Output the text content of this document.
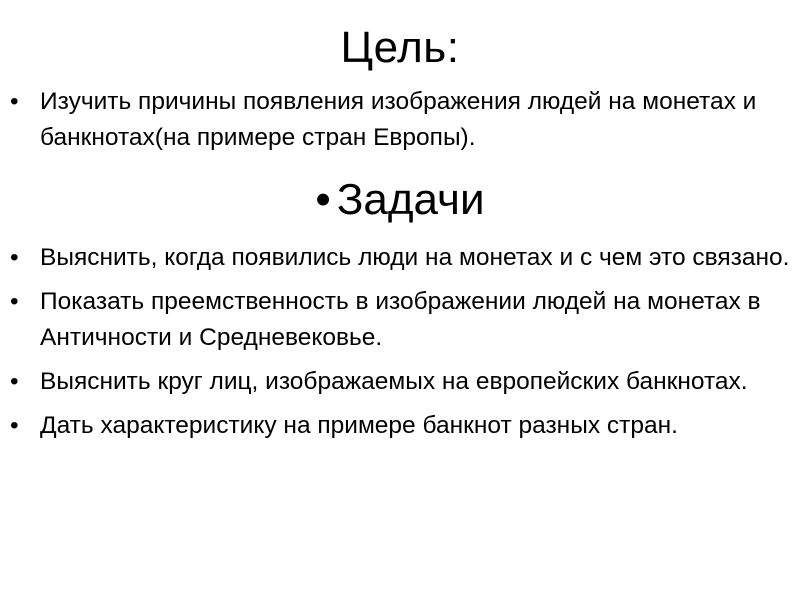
Цель:
• Изучить причины появления изображения людей на монетах и банкнотах(на примере стран Европы).
• Задачи
• Выяснить, когда появились люди на монетах и с чем это связано.
• Показать преемственность в изображении людей на монетах в Античности и Средневековье.
• Выяснить круг лиц, изображаемых на европейских банкнотах.
• Дать характеристику на примере банкнот разных стран.
